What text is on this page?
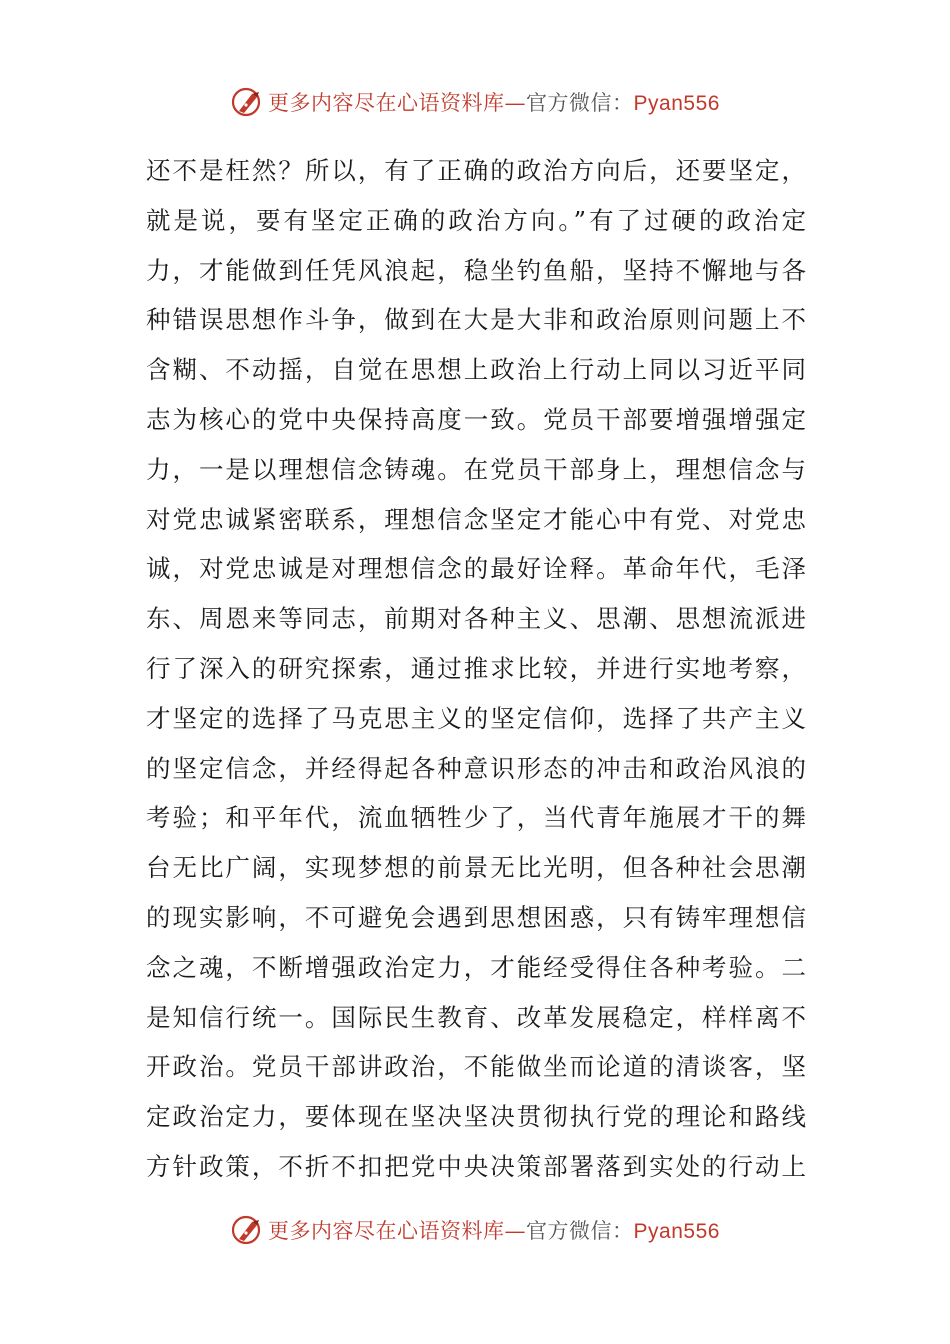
更多内容尽在心语资料库—官方微信：Pyan556
还不是枉然？所以，有了正确的政治方向后，还要坚定，
就是说，要有坚定正确的政治方向。”有了过硬的政治定
力，才能做到任凭风浪起，稳坐钓鱼船，坚持不懈地与各
种错误思想作斗争，做到在大是大非和政治原则问题上不
含糊、不动摇，自觉在思想上政治上行动上同以习近平同
志为核心的党中央保持高度一致。党员干部要增强增强定
力，一是以理想信念铸魂。在党员干部身上，理想信念与
对党忠诚紧密联系，理想信念坚定才能心中有党、对党忠
诚，对党忠诚是对理想信念的最好诠释。革命年代，毛泽
东、周恩来等同志，前期对各种主义、思潮、思想流派进
行了深入的研究探索，通过推求比较，并进行实地考察，
才坚定的选择了马克思主义的坚定信仰，选择了共产主义
的坚定信念，并经得起各种意识形态的冲击和政治风浪的
考验；和平年代，流血牺牲少了，当代青年施展才干的舞
台无比广阔，实现梦想的前景无比光明，但各种社会思潮
的现实影响，不可避免会遇到思想困惑，只有铸牢理想信
念之魂，不断增强政治定力，才能经受得住各种考验。二
是知信行统一。国际民生教育、改革发展稳定，样样离不
开政治。党员干部讲政治，不能做坐而论道的清谈客，坚
定政治定力，要体现在坚决坚决贯彻执行党的理论和路线
方针政策，不折不扣把党中央决策部署落到实处的行动上
更多内容尽在心语资料库—官方微信：Pyan556
